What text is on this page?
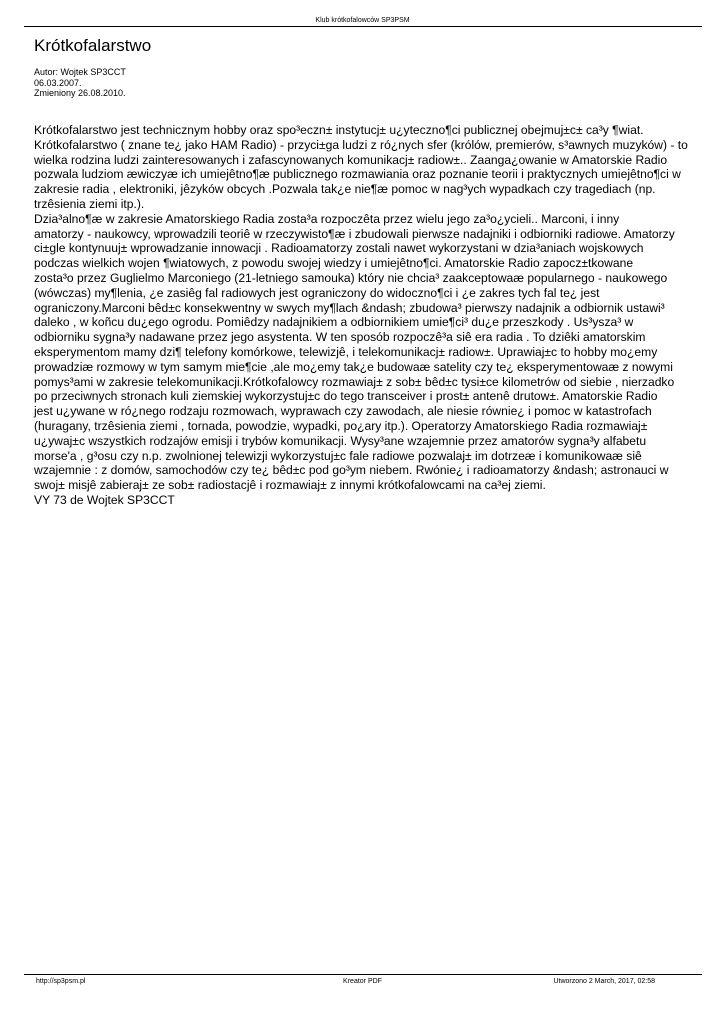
Klub krótkofalowców SP3PSM
Krótkofalarstwo
Autor: Wojtek SP3CCT
06.03.2007.
Zmieniony 26.08.2010.
Krótkofalarstwo jest technicznym hobby oraz spo³eczn± instytucj± u¿yteczno¶ci publicznej obejmuj±c± ca³y ¶wiat.
Krótkofalarstwo ( znane te¿ jako HAM Radio) - przyci±ga ludzi z ró¿nych sfer (królów, premierów, s³awnych muzyków) - to
wielka rodzina ludzi zainteresowanych i zafascynowanych komunikacj± radiow±.. Zaanga¿owanie w Amatorskie Radio
pozwala ludziom æwiczyæ ich umiejêtno¶æ publicznego rozmawiania oraz poznanie teorii i praktycznych umiejêtno¶ci w
zakresie radia , elektroniki, jêzyków obcych .Pozwala tak¿e nie¶æ pomoc w nag³ych wypadkach czy tragediach (np.
trzêsienia ziemi itp.).
Dzia³alno¶æ w zakresie Amatorskiego Radia zosta³a rozpoczêta przez wielu jego za³o¿ycieli.. Marconi, i inny
amatorzy - naukowcy, wprowadzili teoriê w rzeczywisto¶æ i zbudowali pierwsze nadajniki i odbiorniki radiowe. Amatorzy
ci±gle kontynuuj± wprowadzanie innowacji . Radioamatorzy zostali nawet wykorzystani w dzia³aniach wojskowych
podczas wielkich wojen ¶wiatowych, z powodu swojej wiedzy i umiejêtno¶ci. Amatorskie Radio zapocz±tkowane
zosta³o przez Guglielmo Marconiego (21-letniego samouka) który nie chcia³ zaakceptowaæ popularnego - naukowego
(wówczas) my¶lenia, ¿e zasiêg fal radiowych jest ograniczony do widoczno¶ci i ¿e zakres tych fal te¿ jest
ograniczony.Marconi bêd±c konsekwentny w swych my¶lach &ndash; zbudowa³ pierwszy nadajnik a odbiornik ustawi³
daleko , w koñcu du¿ego ogrodu. Pomiêdzy nadajnikiem a odbiornikiem umie¶ci³ du¿e przeszkody . Us³ysza³ w
odbiorniku sygna³y nadawane przez jego asystenta. W ten sposób rozpoczê³a siê era radia . To dziêki amatorskim
eksperymentom mamy dzi¶ telefony komórkowe, telewizjê, i telekomunikacj± radiow±. Uprawiaj±c to hobby mo¿emy
prowadziæ rozmowy w tym samym mie¶cie ,ale mo¿emy tak¿e budowaæ satelity czy te¿ eksperymentowaæ z nowymi
pomys³ami w zakresie telekomunikacji.Krótkofalowcy rozmawiaj± z sob± bêd±c tysi±ce kilometrów od siebie , nierzadko
po przeciwnych stronach kuli ziemskiej wykorzystuj±c do tego transceiver i prost± antenê drutow±. Amatorskie Radio
jest u¿ywane w ró¿nego rodzaju rozmowach, wyprawach czy zawodach, ale niesie równie¿ i pomoc w katastrofach
(huragany, trzêsienia ziemi , tornada, powodzie, wypadki, po¿ary itp.). Operatorzy Amatorskiego Radia rozmawiaj±
u¿ywaj±c wszystkich rodzajów emisji i trybów komunikacji. Wysy³ane wzajemnie przez amatorów sygna³y alfabetu
morse'a , g³osu czy n.p. zwolnionej telewizji wykorzystuj±c fale radiowe pozwalaj± im dotrzeæ i komunikowaæ siê
wzajemnie : z domów, samochodów czy te¿ bêd±c pod go³ym niebem. Rwónie¿ i radioamatorzy &ndash; astronauci w
swoj± misjê zabieraj± ze sob± radiostacjê i rozmawiaj± z innymi krótkofalowcami na ca³ej ziemi.
VY 73 de Wojtek SP3CCT
http://sp3psm.pl	Kreator PDF	Utworzono 2 March, 2017, 02:58
